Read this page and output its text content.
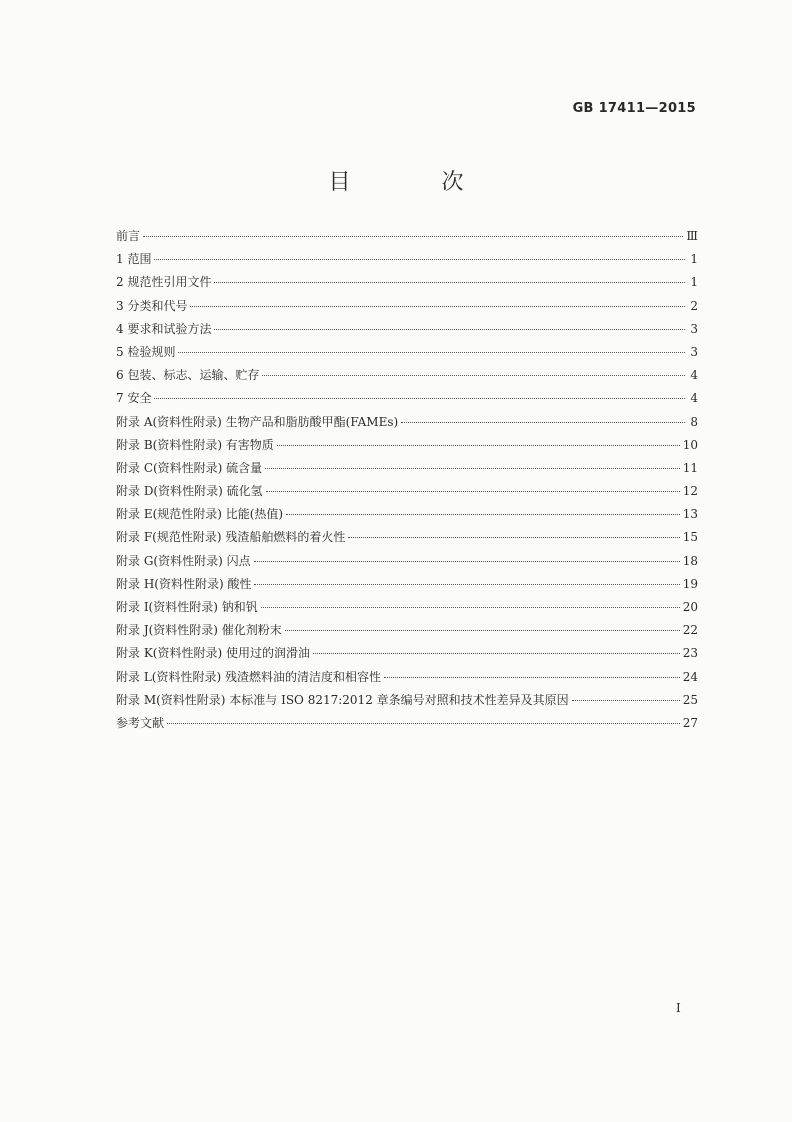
GB 17411—2015
目 次
前言	Ⅲ
1 范围	1
2 规范性引用文件	1
3 分类和代号	2
4 要求和试验方法	3
5 检验规则	3
6 包装、标志、运输、贮存	4
7 安全	4
附录 A(资料性附录) 生物产品和脂肪酸甲酯(FAMEs)	8
附录 B(资料性附录) 有害物质	10
附录 C(资料性附录) 硫含量	11
附录 D(资料性附录) 硫化氢	12
附录 E(规范性附录) 比能(热值)	13
附录 F(规范性附录) 残渣船舶燃料的着火性	15
附录 G(资料性附录) 闪点	18
附录 H(资料性附录) 酸性	19
附录 I(资料性附录) 钠和钒	20
附录 J(资料性附录) 催化剂粉末	22
附录 K(资料性附录) 使用过的润滑油	23
附录 L(资料性附录) 残渣燃料油的清洁度和相容性	24
附录 M(资料性附录) 本标准与 ISO 8217:2012 章条编号对照和技术性差异及其原因	25
参考文献	27
I
